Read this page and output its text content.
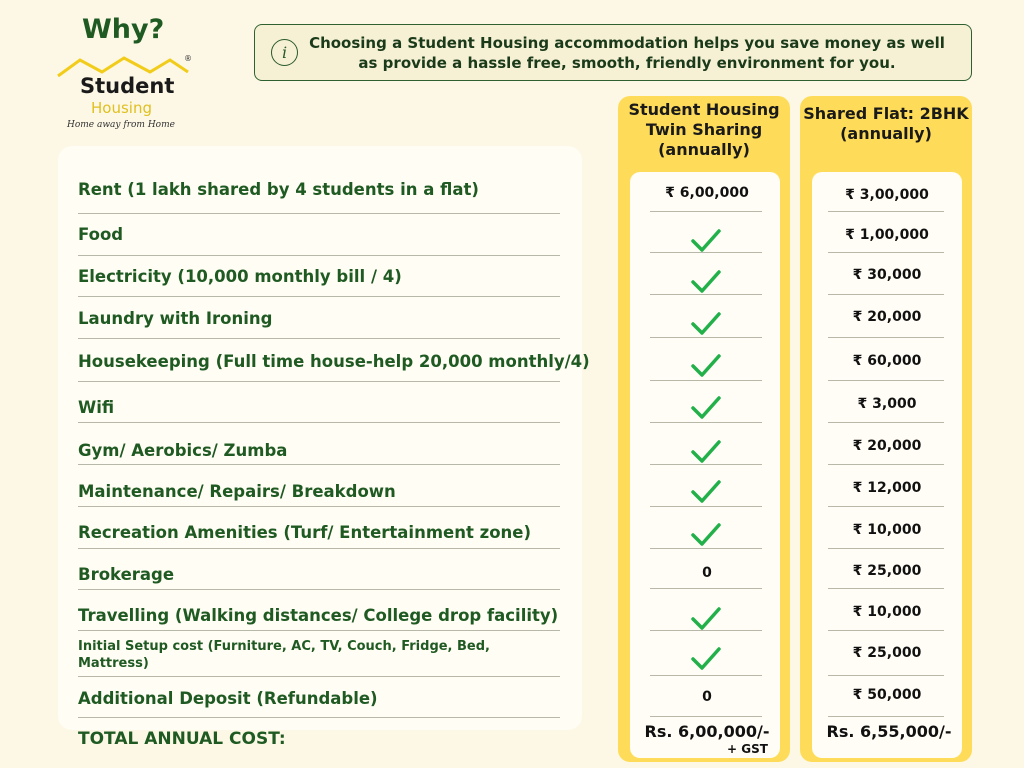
Why?
®
Student
Housing
Home away from Home
i	Choosing a Student Housing accommodation helps you save money as well as provide a hassle free, smooth, friendly environment for you.
Rent (1 lakh shared by 4 students in a flat)
Food
Electricity (10,000 monthly bill / 4)
Laundry with Ironing
Housekeeping (Full time house-help 20,000 monthly/4)
Wifi
Gym/ Aerobics/ Zumba
Maintenance/ Repairs/ Breakdown
Recreation Amenities (Turf/ Entertainment zone)
Brokerage
Travelling (Walking distances/ College drop facility)
Initial Setup cost (Furniture, AC, TV, Couch, Fridge, Bed, Mattress)
Additional Deposit (Refundable)
TOTAL ANNUAL COST:
Student Housing Twin Sharing (annually)
₹ 6,00,000
0
0
Rs. 6,00,000/-
+ GST
Shared Flat: 2BHK (annually)
₹ 3,00,000
₹ 1,00,000
₹ 30,000
₹ 20,000
₹ 60,000
₹ 3,000
₹ 20,000
₹ 12,000
₹ 10,000
₹ 25,000
₹ 10,000
₹ 25,000
₹ 50,000
Rs. 6,55,000/-
